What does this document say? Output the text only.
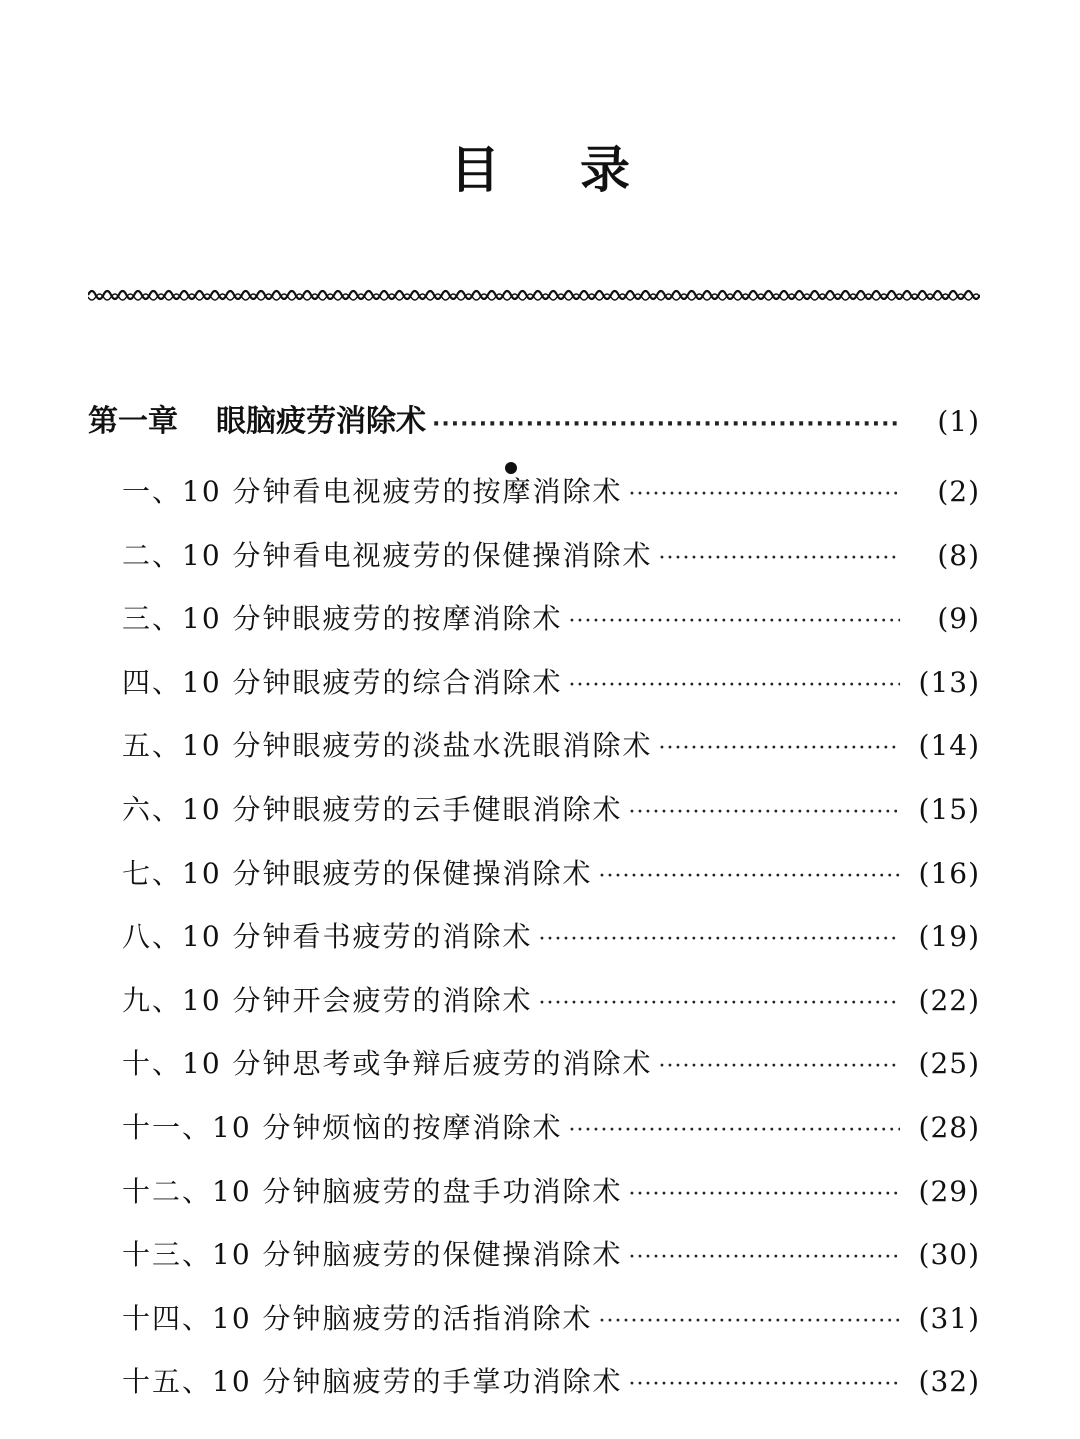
目 录
第一章 眼脑疲劳消除术 ·····	(1)
一、10 分钟看电视疲劳的按摩消除术 ·····	(2)
二、10 分钟看电视疲劳的保健操消除术 ·····	(8)
三、10 分钟眼疲劳的按摩消除术 ·····	(9)
四、10 分钟眼疲劳的综合消除术 ·····	(13)
五、10 分钟眼疲劳的淡盐水洗眼消除术 ·····	(14)
六、10 分钟眼疲劳的云手健眼消除术 ·····	(15)
七、10 分钟眼疲劳的保健操消除术 ·····	(16)
八、10 分钟看书疲劳的消除术 ·····	(19)
九、10 分钟开会疲劳的消除术 ·····	(22)
十、10 分钟思考或争辩后疲劳的消除术 ·····	(25)
十一、10 分钟烦恼的按摩消除术 ·····	(28)
十二、10 分钟脑疲劳的盘手功消除术 ·····	(29)
十三、10 分钟脑疲劳的保健操消除术 ·····	(30)
十四、10 分钟脑疲劳的活指消除术 ·····	(31)
十五、10 分钟脑疲劳的手掌功消除术 ·····	(32)
